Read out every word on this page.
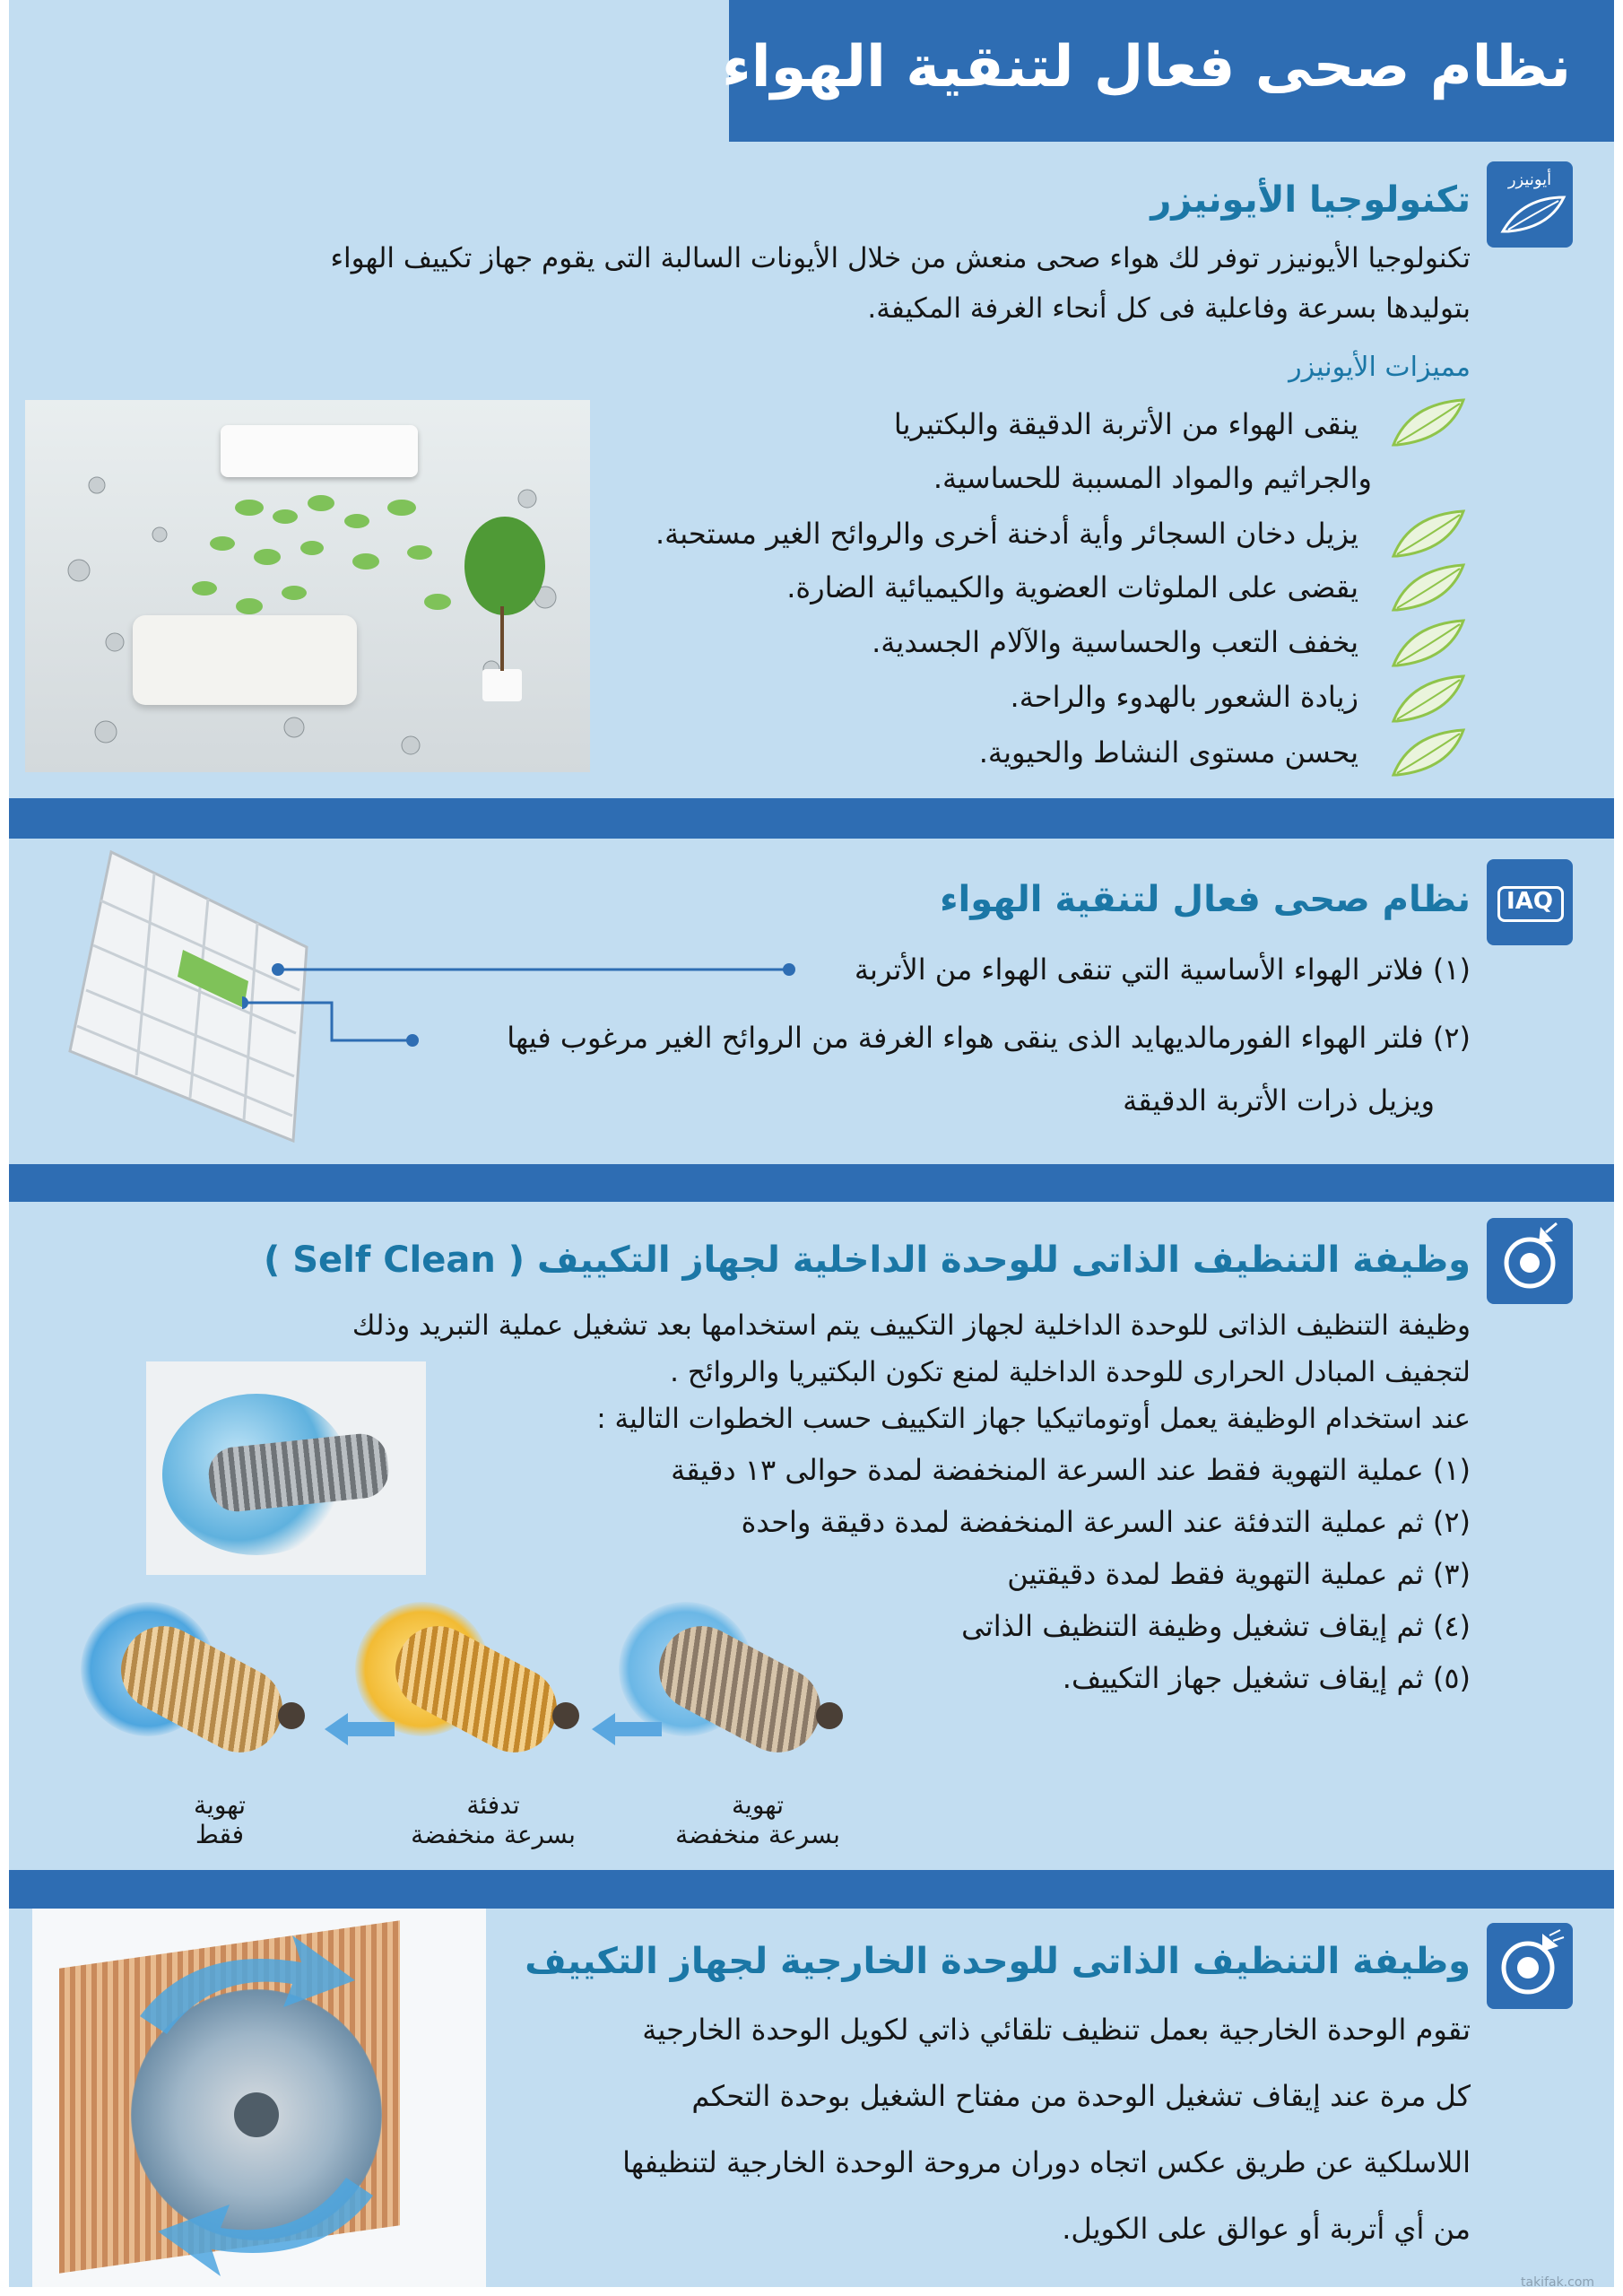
نظام صحى فعال لتنقية الهواء
أيونيزر
تكنولوجيا الأيونيزر
تكنولوجيا الأيونيزر توفر لك هواء صحى منعش من خلال الأيونات السالبة التى يقوم جهاز تكييف الهواء
بتوليدها بسرعة وفاعلية فى كل أنحاء الغرفة المكيفة.
مميزات الأيونيزر
ينقى الهواء من الأتربة الدقيقة والبكتيريا
والجراثيم والمواد المسببة للحساسية.
يزيل دخان السجائر وأية أدخنة أخرى والروائح الغير مستحبة.
يقضى على الملوثات العضوية والكيميائية الضارة.
يخفف التعب والحساسية والآلام الجسدية.
زيادة الشعور بالهدوء والراحة.
يحسن مستوى النشاط والحيوية.
IAQ
نظام صحى فعال لتنقية الهواء
(١) فلاتر الهواء الأساسية التي تنقى الهواء من الأتربة
(٢) فلتر الهواء الفورمالديهايد الذى ينقى هواء الغرفة من الروائح الغير مرغوب فيها
ويزيل ذرات الأتربة الدقيقة
وظيفة التنظيف الذاتى للوحدة الداخلية لجهاز التكييف ( Self Clean )
وظيفة التنظيف الذاتى للوحدة الداخلية لجهاز التكييف يتم استخدامها بعد تشغيل عملية التبريد وذلك
لتجفيف المبادل الحرارى للوحدة الداخلية لمنع تكون البكتيريا والروائح .
عند استخدام الوظيفة يعمل أوتوماتيكيا جهاز التكييف حسب الخطوات التالية :
(١) عملية التهوية فقط عند السرعة المنخفضة لمدة حوالى ١٣ دقيقة
(٢) ثم عملية التدفئة عند السرعة المنخفضة لمدة دقيقة واحدة
(٣) ثم عملية التهوية فقط لمدة دقيقتين
(٤) ثم إيقاف تشغيل وظيفة التنظيف الذاتى
(٥) ثم إيقاف تشغيل جهاز التكييف.
تهوية
بسرعة منخفضة
تدفئة
بسرعة منخفضة
تهوية
فقط
وظيفة التنظيف الذاتى للوحدة الخارجية لجهاز التكييف
تقوم الوحدة الخارجية بعمل تنظيف تلقائي ذاتي لكويل الوحدة الخارجية
كل مرة عند إيقاف تشغيل الوحدة من مفتاح الشغيل بوحدة التحكم
اللاسلكية عن طريق عكس اتجاه دوران مروحة الوحدة الخارجية لتنظيفها
من أي أتربة أو عوالق على الكويل.
takifak.com
